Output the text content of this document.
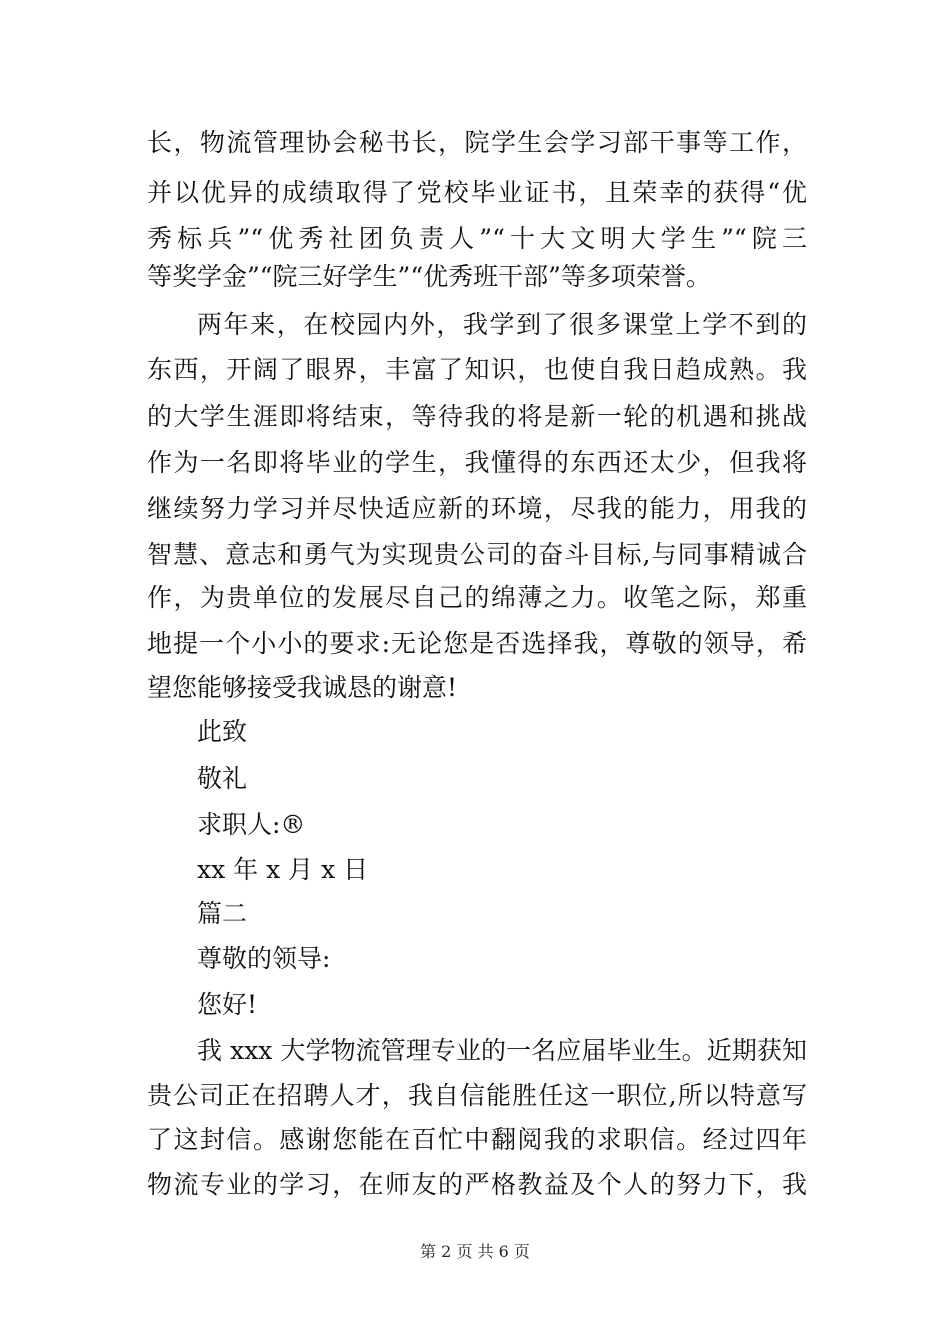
长，物流管理协会秘书长，院学生会学习部干事等工作，
并以优异的成绩取得了党校毕业证书，且荣幸的获得“优
秀标兵”“优秀社团负责人”“十大文明大学生”“院三
等奖学金”“院三好学生”“优秀班干部”等多项荣誉。
两年来，在校园内外，我学到了很多课堂上学不到的
东西，开阔了眼界，丰富了知识，也使自我日趋成熟。我
的大学生涯即将结束，等待我的将是新一轮的机遇和挑战
作为一名即将毕业的学生，我懂得的东西还太少，但我将
继续努力学习并尽快适应新的环境，尽我的能力，用我的
智慧、意志和勇气为实现贵公司的奋斗目标,与同事精诚合
作，为贵单位的发展尽自己的绵薄之力。收笔之际，郑重
地提一个小小的要求:无论您是否选择我，尊敬的领导，希
望您能够接受我诚恳的谢意!
此致
敬礼
求职人:®
xx 年 x 月 x 日
篇二
尊敬的领导:
您好!
我 xxx 大学物流管理专业的一名应届毕业生。近期获知
贵公司正在招聘人才，我自信能胜任这一职位,所以特意写
了这封信。感谢您能在百忙中翻阅我的求职信。经过四年
物流专业的学习，在师友的严格教益及个人的努力下，我
第 2 页 共 6 页
